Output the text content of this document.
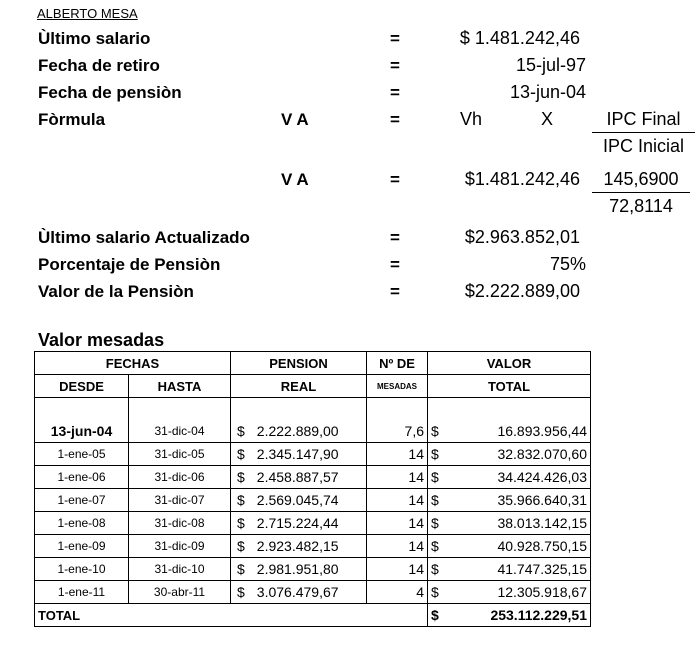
ALBERTO MESA
Ùltimo salario	=	$ 1.481.242,46
Fecha de retiro	=	15-jul-97
Fecha de pensiòn	=	13-jun-04
Fòrmula	V A	=	Vh	X	IPC Final
IPC Inicial
V A	=	$1.481.242,46	145,6900
72,8114
Ùltimo salario Actualizado	=	$2.963.852,01
Porcentaje de Pensiòn	=	75%
Valor de la Pensiòn	=	$2.222.889,00
Valor mesadas
FECHAS		PENSION	Nº DE	VALOR
DESDE	HASTA	REAL	MESADAS	TOTAL

13-jun-04	31-dic-04	$ 2.222.889,00	7,6	$ 16.893.956,44

1-ene-05	31-dic-05	$ 2.345.147,90	14	$ 32.832.070,60

1-ene-06	31-dic-06	$ 2.458.887,57	14	$ 34.424.426,03

1-ene-07	31-dic-07	$ 2.569.045,74	14	$ 35.966.640,31

1-ene-08	31-dic-08	$ 2.715.224,44	14	$ 38.013.142,15

1-ene-09	31-dic-09	$ 2.923.482,15	14	$ 40.928.750,15

1-ene-10	31-dic-10	$ 2.981.951,80	14	$ 41.747.325,15

1-ene-11	30-abr-11	$ 3.076.479,67	4	$ 12.305.918,67

TOTAL				$ 253.112.229,51
